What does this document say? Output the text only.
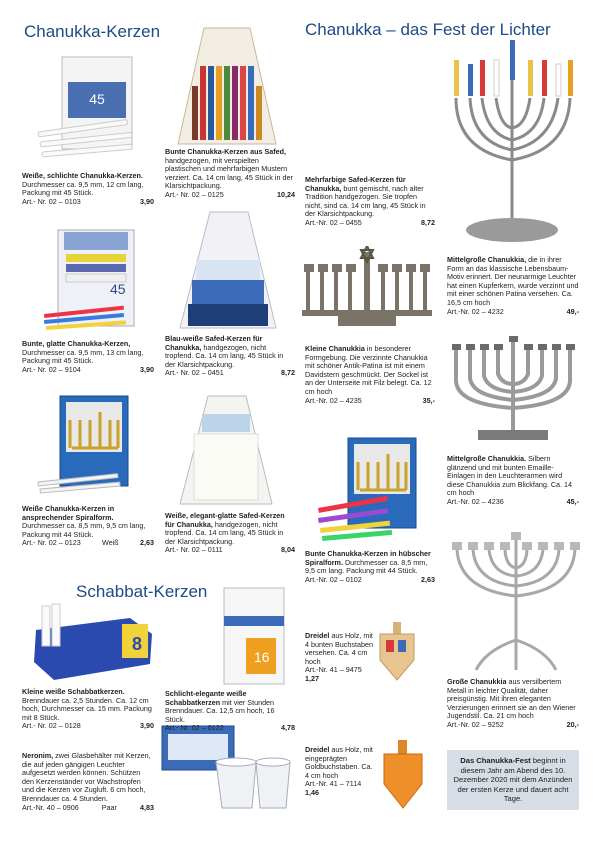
Chanukka-Kerzen	Chanukka – das Fest der Lichter
Schabbat-Kerzen
45
45
8
16
Weiße, schlichte Chanukka-Kerzen. Durchmesser ca. 9,5 mm, 12 cm lang, Packung mit 45 Stück.
Art.- Nr. 02 – 0103	3,90
Bunte Chanukka-Kerzen aus Safed, handgezogen, mit verspielten plastischen und mehrfarbigen Mustern verziert. Ca. 14 cm lang, 45 Stück in der Klarsichtpackung.
Art.- Nr. 02 – 0125	10,24
Mehrfarbige Safed-Kerzen für Chanukka, bunt gemischt, nach alter Tradition handgezogen. Sie tropfen nicht, sind ca. 14 cm lang, 45 Stück in der Klarsichtpackung.
Art.-Nr. 02 – 0455	8,72
Mittelgroße Chanukkia, die in ihrer Form an das klassische Lebensbaum-Motiv erinnert. Der neunarmige Leuchter hat einen Kupferkern, wurde verzinnt und mit einer schönen Patina versehen. Ca. 16,5 cm hoch
Art.-Nr. 02 – 4232	49,-
Bunte, glatte Chanukka-Kerzen, Durchmesser ca. 9,5 mm, 13 cm lang, Packung mit 45 Stück.
Art.- Nr. 02 – 9104	3,90
Blau-weiße Safed-Kerzen für Chanukka, handgezogen, nicht tropfend. Ca. 14 cm lang, 45 Stück in der Klarsichtpackung.
Art.- Nr. 02 – 0451	8,72
Kleine Chanukkia in besonderer Formgebung. Die verzinnte Chanukkia mit schöner Antik-Patina ist mit einem Davidstern geschmückt. Der Sockel ist an der Unterseite mit Filz belegt. Ca. 12 cm hoch
Art.-Nr. 02 – 4235	35,-
Mittelgroße Chanukkia. Silbern glänzend und mit bunten Emaille-Einlagen in den Leuchterarmen wird diese Chanukkia zum Blickfang. Ca. 14 cm hoch
Art.-Nr. 02 – 4236	45,-
Weiße Chanukka-Kerzen in ansprechender Spiralform. Durchmesser ca. 8,5 mm, 9,5 cm lang, Packung mit 44 Stück.
Art.- Nr. 02 – 0123	Weiß	2,63
Weiße, elegant-glatte Safed-Kerzen für Chanukka, handgezogen, nicht tropfend. Ca. 14 cm lang, 45 Stück in der Klarsichtpackung.
Art.- Nr. 02 – 0111	8,04 Bunte Chanukka-Kerzen in hübscher Spiralform. Durchmesser ca. 8,5 mm, 9,5 cm lang. Packung mit 44 Stück.
Art.-Nr. 02 – 0102	2,63
Kleine weiße Schabbatkerzen. Brenndauer ca. 2,5 Stunden. Ca. 12 cm hoch, Durchmesser ca. 15 mm. Packung mit 8 Stück.
Art.- Nr. 02 – 0128	3,90
Schlicht-elegante weiße Schabbatkerzen mit vier Stunden Brenndauer. Ca. 12,5 cm hoch, 16 Stück.
Art.- Nr. 02 – 0122	4,78
Dreidel aus Holz, mit 4 bunten Buchstaben versehen. Ca. 4 cm hoch
Art.-Nr. 41 – 9475
1,27
Dreidel aus Holz, mit eingeprägten Goldbuchstaben. Ca. 4 cm hoch
Art.-Nr. 41 – 7114
1,46
Große Chanukkia aus versilbertem Metall in leichter Qualität, daher preisgünstig. Mit ihren eleganten Verzierungen erinnert sie an den Wiener Jugendstil. Ca. 21 cm hoch
Art.-Nr. 02 – 9252	20,-
Neronim, zwei Glasbehälter mit Kerzen, die auf jeden gängigen Leuchter aufgesetzt werden können. Schützen den Kerzenständer vor Wachstropfen und die Kerzen vor Zugluft. 6 cm hoch, Brenndauer ca. 4 Stunden.
Art.-Nr. 40 – 0906	Paar	4,83
Das Chanukka-Fest beginnt in diesem Jahr am Abend des 10. Dezember 2020 mit dem Anzünden der ersten Kerze und dauert acht Tage.
